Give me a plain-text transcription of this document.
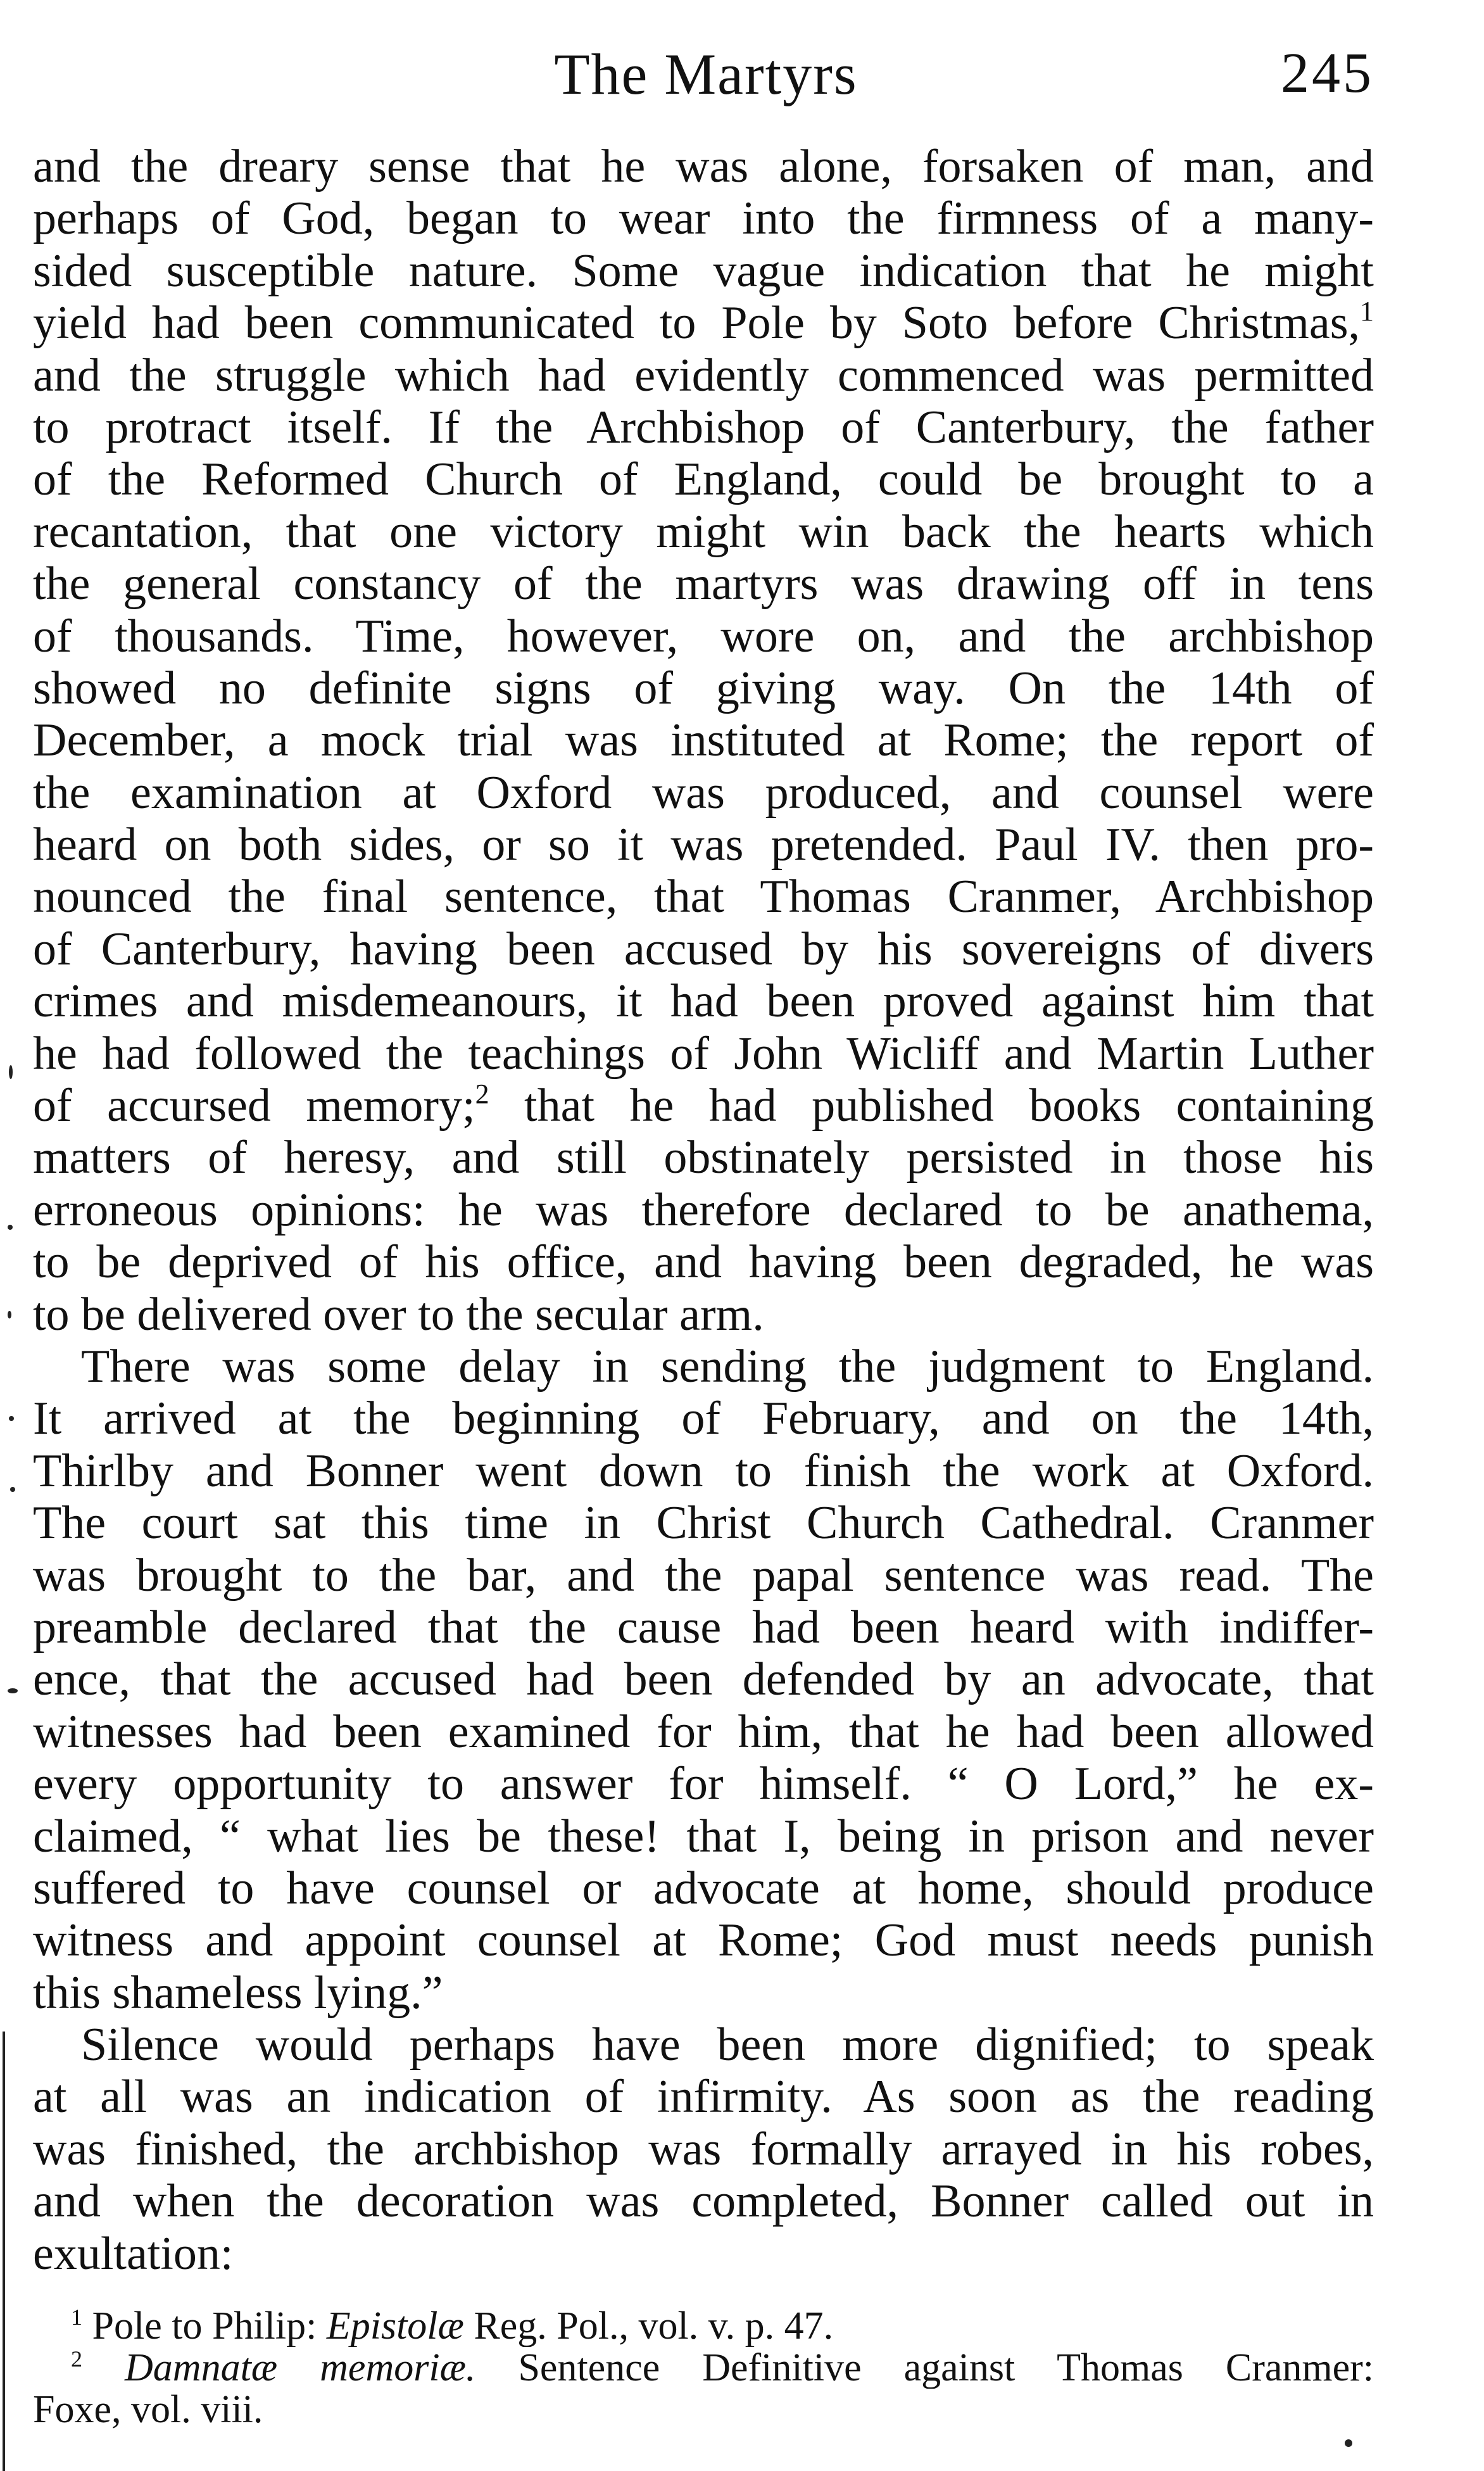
The Martyrs	245
and the dreary sense that he was alone, forsaken of man, and
perhaps of God, began to wear into the firmness of a many-
sided susceptible nature. Some vague indication that he might
yield had been communicated to Pole by Soto before Christmas,$^1$
and the struggle which had evidently commenced was permitted
to protract itself. If the Archbishop of Canterbury, the father
of the Reformed Church of England, could be brought to a
recantation, that one victory might win back the hearts which
the general constancy of the martyrs was drawing off in tens
of thousands. Time, however, wore on, and the archbishop
showed no definite signs of giving way. On the 14th of
December, a mock trial was instituted at Rome; the report of
the examination at Oxford was produced, and counsel were
heard on both sides, or so it was pretended. Paul IV. then pro-
nounced the final sentence, that Thomas Cranmer, Archbishop
of Canterbury, having been accused by his sovereigns of divers
crimes and misdemeanours, it had been proved against him that
he had followed the teachings of John Wicliff and Martin Luther
of accursed memory;$^2$ that he had published books containing
matters of heresy, and still obstinately persisted in those his
erroneous opinions: he was therefore declared to be anathema,
to be deprived of his office, and having been degraded, he was
to be delivered over to the secular arm.
There was some delay in sending the judgment to England.
It arrived at the beginning of February, and on the 14th,
Thirlby and Bonner went down to finish the work at Oxford.
The court sat this time in Christ Church Cathedral. Cranmer
was brought to the bar, and the papal sentence was read. The
preamble declared that the cause had been heard with indiffer-
ence, that the accused had been defended by an advocate, that
witnesses had been examined for him, that he had been allowed
every opportunity to answer for himself. “ O Lord,” he ex-
claimed, “ what lies be these! that I, being in prison and never
suffered to have counsel or advocate at home, should produce
witness and appoint counsel at Rome; God must needs punish
this shameless lying.”
Silence would perhaps have been more dignified; to speak
at all was an indication of infirmity. As soon as the reading
was finished, the archbishop was formally arrayed in his robes,
and when the decoration was completed, Bonner called out in
exultation:
$^1$ Pole to Philip: Epistolæ Reg. Pol., vol. v. p. 47.
$^2$ Damnatæ memoriæ. Sentence Definitive against Thomas Cranmer:
Foxe, vol. viii.
